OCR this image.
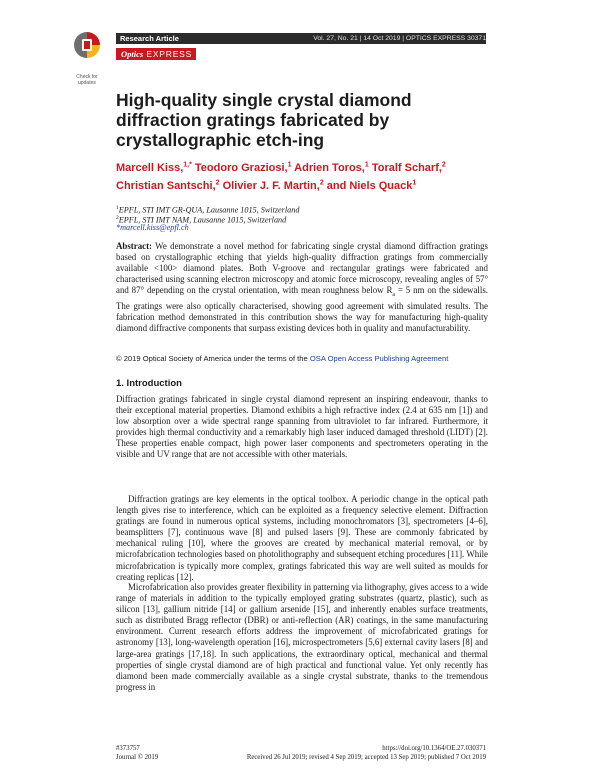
Check for updates
Research Article	Vol. 27, No. 21 | 14 Oct 2019 | OPTICS EXPRESS 30371
Optics EXPRESS
High-quality single crystal diamond diffraction gratings fabricated by crystallographic etch-ing
Marcell Kiss,$^{1,*}$ Teodoro Graziosi,$^1$ Adrien Toros,$^1$ Toralf Scharf,$^2$ Christian Santschi,$^2$ Olivier J. F. Martin,$^2$ and Niels Quack$^1$
$^1$EPFL, STI IMT GR-QUA, Lausanne 1015, Switzerland
$^2$EPFL, STI IMT NAM, Lausanne 1015, Switzerland
*marcell.kiss@epfl.ch
Abstract: We demonstrate a novel method for fabricating single crystal diamond diffraction gratings based on crystallographic etching that yields high-quality diffraction gratings from commercially available <100> diamond plates. Both V-groove and rectangular gratings were fabricated and characterised using scanning electron microscopy and atomic force microscopy, revealing angles of 57° and 87° depending on the crystal orientation, with mean roughness below $R_a = 5$ nm on the sidewalls. The gratings were also optically characterised, showing good agreement with simulated results. The fabrication method demonstrated in this contribution shows the way for manufacturing high-quality diamond diffractive components that surpass existing devices both in quality and manufacturability.
© 2019 Optical Society of America under the terms of the OSA Open Access Publishing Agreement
1. Introduction
Diffraction gratings fabricated in single crystal diamond represent an inspiring endeavour, thanks to their exceptional material properties. Diamond exhibits a high refractive index (2.4 at 635 nm [1]) and low absorption over a wide spectral range spanning from ultraviolet to far infrared. Furthermore, it provides high thermal conductivity and a remarkably high laser induced damaged threshold (LIDT) [2]. These properties enable compact, high power laser components and spectrometers operating in the visible and UV range that are not accessible with other materials.
Diffraction gratings are key elements in the optical toolbox. A periodic change in the optical path length gives rise to interference, which can be exploited as a frequency selective element. Diffraction gratings are found in numerous optical systems, including monochromators [3], spectrometers [4–6], beamsplitters [7], continuous wave [8] and pulsed lasers [9]. These are commonly fabricated by mechanical ruling [10], where the grooves are created by mechanical material removal, or by microfabrication technologies based on photolithography and subsequent etching procedures [11]. While microfabrication is typically more complex, gratings fabricated this way are well suited as moulds for creating replicas [12].
Microfabrication also provides greater flexibility in patterning via lithography, gives access to a wide range of materials in addition to the typically employed grating substrates (quartz, plastic), such as silicon [13], gallium nitride [14] or gallium arsenide [15], and inherently enables surface treatments, such as distributed Bragg reflector (DBR) or anti-reflection (AR) coatings, in the same manufacturing environment. Current research efforts address the improvement of microfabricated gratings for astronomy [13], long-wavelength operation [16], microspectrometers [5,6] external cavity lasers [8] and large-area gratings [17,18]. In such applications, the extraordinary optical, mechanical and thermal properties of single crystal diamond are of high practical and functional value. Yet only recently has diamond been made commercially available as a single crystal substrate, thanks to the tremendous progress in
#373757
Journal © 2019
https://doi.org/10.1364/OE.27.030371
Received 26 Jul 2019; revised 4 Sep 2019; accepted 13 Sep 2019; published 7 Oct 2019
